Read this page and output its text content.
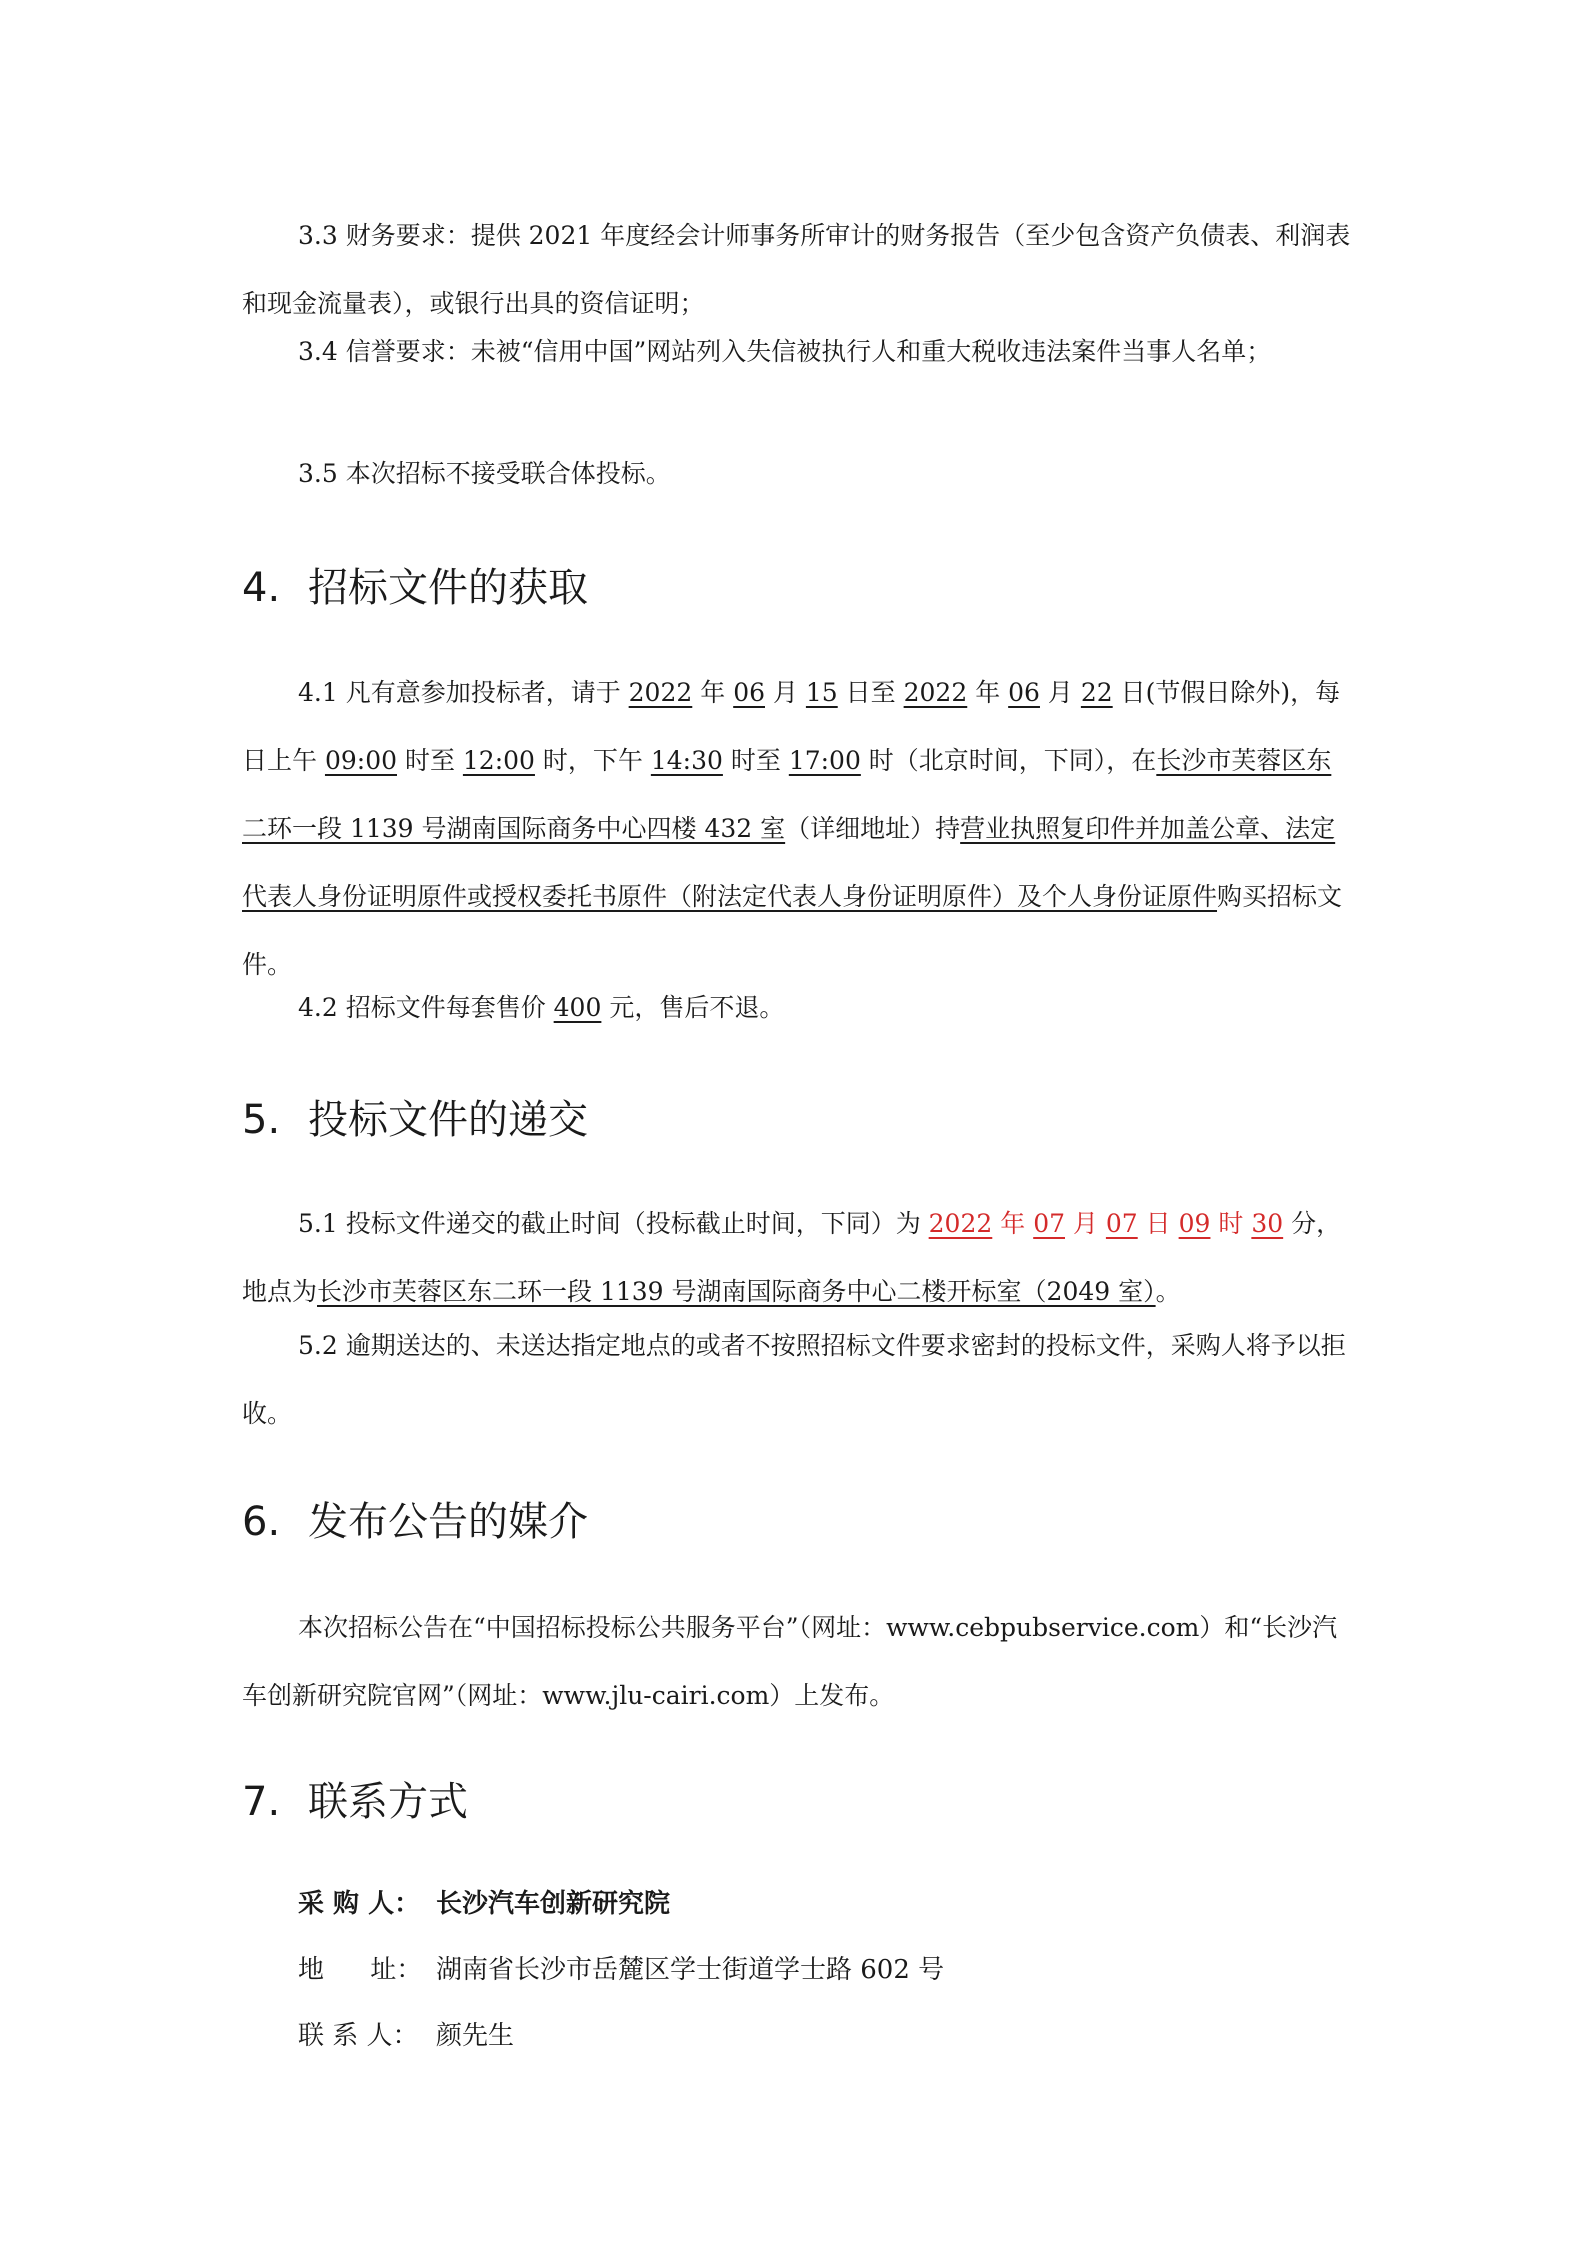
3.3 财务要求：提供 2021 年度经会计师事务所审计的财务报告（至少包含资产负债表、利润表和现金流量表），或银行出具的资信证明；

3.4 信誉要求：未被“信用中国”网站列入失信被执行人和重大税收违法案件当事人名单；

3.5 本次招标不接受联合体投标。

4. 招标文件的获取

4.1 凡有意参加投标者，请于 2022 年 06 月 15 日至 2022 年 06 月 22 日(节假日除外)，每日上午 09:00 时至 12:00 时，下午 14:30 时至 17:00 时（北京时间，下同），在长沙市芙蓉区东二环一段 1139 号湖南国际商务中心四楼 432 室（详细地址）持营业执照复印件并加盖公章、法定代表人身份证明原件或授权委托书原件（附法定代表人身份证明原件）及个人身份证原件购买招标文件。

4.2 招标文件每套售价 400 元，售后不退。

5. 投标文件的递交

5.1 投标文件递交的截止时间（投标截止时间，下同）为 2022 年 07 月 07 日 09 时 30 分，地点为长沙市芙蓉区东二环一段 1139 号湖南国际商务中心二楼开标室（2049 室）。

5.2 逾期送达的、未送达指定地点的或者不按照招标文件要求密封的投标文件，采购人将予以拒收。

6. 发布公告的媒介

本次招标公告在“中国招标投标公共服务平台”（网址：www.cebpubservice.com）和“长沙汽车创新研究院官网”（网址：www.jlu-cairi.com）上发布。

7. 联系方式
采 购 人： 长沙汽车创新研究院
地 址： 湖南省长沙市岳麓区学士街道学士路 602 号
联 系 人： 颜先生
